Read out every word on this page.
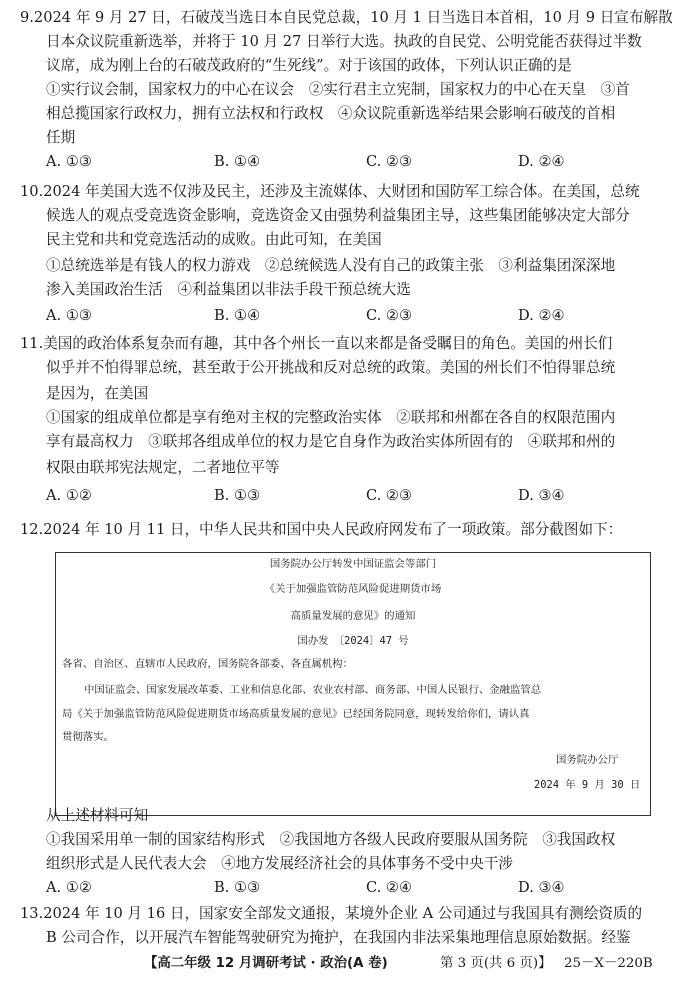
9.2024 年 9 月 27 日，石破茂当选日本自民党总裁，10 月 1 日当选日本首相，10 月 9 日宣布解散
日本众议院重新选举，并将于 10 月 27 日举行大选。执政的自民党、公明党能否获得过半数
议席，成为刚上台的石破茂政府的“生死线”。对于该国的政体，下列认识正确的是
①实行议会制，国家权力的中心在议会　②实行君主立宪制，国家权力的中心在天皇　③首
相总揽国家行政权力，拥有立法权和行政权　④众议院重新选举结果会影响石破茂的首相
任期
A. ①③	B. ①④	C. ②③	D. ②④
10.2024 年美国大选不仅涉及民主，还涉及主流媒体、大财团和国防军工综合体。在美国，总统
候选人的观点受竞选资金影响，竞选资金又由强势利益集团主导，这些集团能够决定大部分
民主党和共和党竞选活动的成败。由此可知，在美国
①总统选举是有钱人的权力游戏　②总统候选人没有自己的政策主张　③利益集团深深地
渗入美国政治生活　④利益集团以非法手段干预总统大选
A. ①③	B. ①④	C. ②③	D. ②④
11.美国的政治体系复杂而有趣，其中各个州长一直以来都是备受瞩目的角色。美国的州长们
似乎并不怕得罪总统，甚至敢于公开挑战和反对总统的政策。美国的州长们不怕得罪总统
是因为，在美国
①国家的组成单位都是享有绝对主权的完整政治实体　②联邦和州都在各自的权限范围内
享有最高权力　③联邦各组成单位的权力是它自身作为政治实体所固有的　④联邦和州的
权限由联邦宪法规定，二者地位平等
A. ①②	B. ①③	C. ②③	D. ③④
12.2024 年 10 月 11 日，中华人民共和国中央人民政府网发布了一项政策。部分截图如下：
国务院办公厅转发中国证监会等部门
《关于加强监管防范风险促进期货市场
高质量发展的意见》的通知
国办发　〔2024〕47 号
各省、自治区、直辖市人民政府，国务院各部委、各直属机构：
中国证监会、国家发展改革委、工业和信息化部、农业农村部、商务部、中国人民银行、金融监管总
局《关于加强监管防范风险促进期货市场高质量发展的意见》已经国务院同意，现转发给你们，请认真
贯彻落实。
国务院办公厅
2024 年 9 月 30 日
从上述材料可知
①我国采用单一制的国家结构形式　②我国地方各级人民政府要服从国务院　③我国政权
组织形式是人民代表大会　④地方发展经济社会的具体事务不受中央干涉
A. ①②	B. ①③	C. ②④	D. ③④
13.2024 年 10 月 16 日，国家安全部发文通报，某境外企业 A 公司通过与我国具有测绘资质的
B 公司合作，以开展汽车智能驾驶研究为掩护，在我国内非法采集地理信息原始数据。经鉴
【高二年级 12 月调研考试 · 政治(A 卷)	第 3 页(共 6 页)】 25－X－220B
